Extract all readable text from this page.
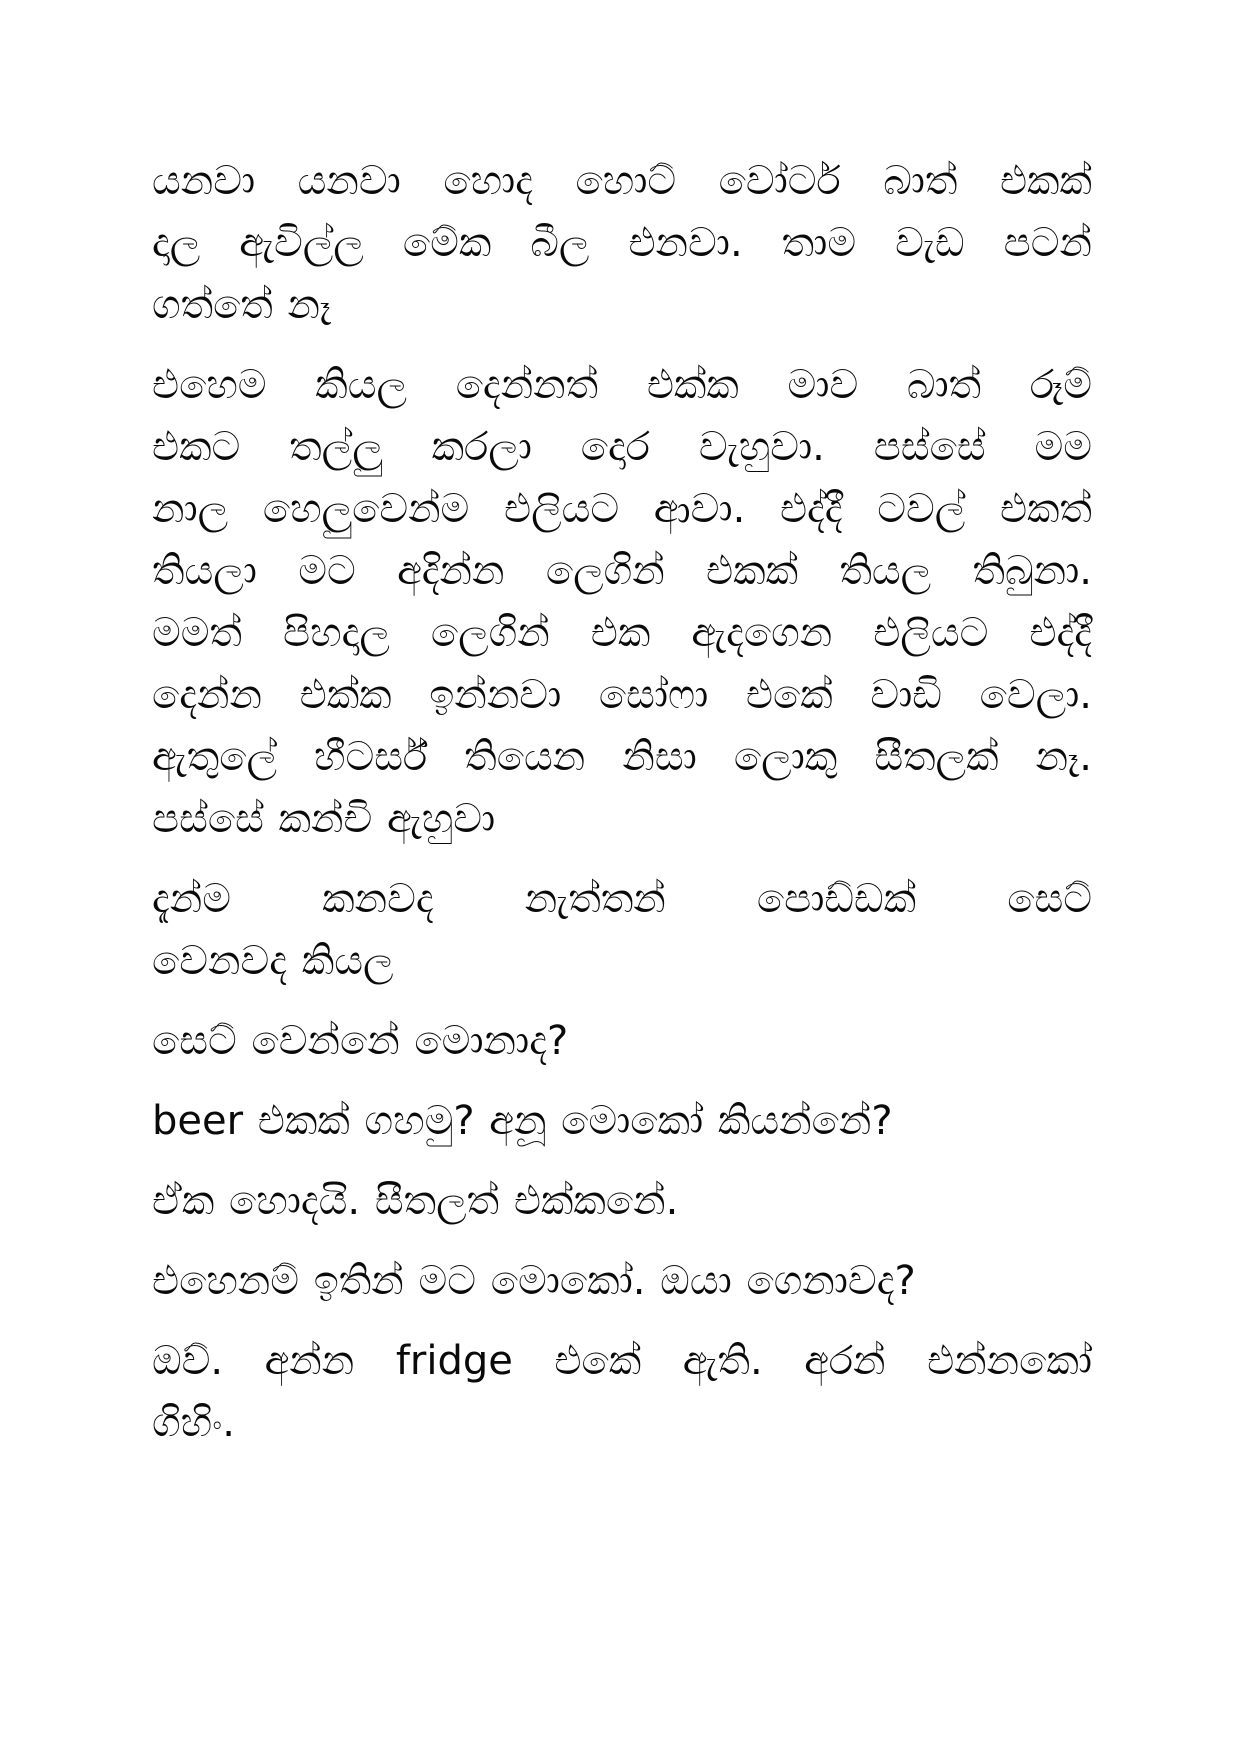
යනවා යනවා හොද හොට් වෝටර් බාත් එකක්
දාල ඇවිල්ල මේක බීල එනවා. තාම වැඩ පටන්
ගත්තේ නෑ

එහෙම කියල දෙන්නත් එක්ක මාව බාත් රූම්
එකට තල්ලු කරලා දොර වැහුවා. පස්සේ මම
නාල හෙලුවෙන්ම එලියට ආවා. එද්දී ටවල් එකත්
තියලා මට අදින්න ලෙගින් එකක් තියල තිබුනා.
මමත් පිහදාල ලෙගින් එක ඇදගෙන එලියට එද්දී
දෙන්න එක්ක ඉන්නවා සෝෆා එකේ වාඩි වෙලා.
ඇතුලේ හීටර්ස් තියෙන නිසා ලොකු සීතලක් නෑ.
පස්සේ කන්චි ඇහුවා

දැන්ම කනවද නැත්තන් පොඩ්ඩක් සෙට්
වෙනවද කියල

සෙට් වෙන්නේ මොනාද?

beer එකක් ගහමු? අනූ මොකෝ කියන්නේ?

ඒක හොදයි. සීතලත් එක්කනේ.

එහෙනම් ඉතින් මට මොකෝ. ඔයා ගෙනාවද?

ඔව්. අන්න fridge එකේ ඇති. අරන් එන්නකෝ
ගිහිං.
